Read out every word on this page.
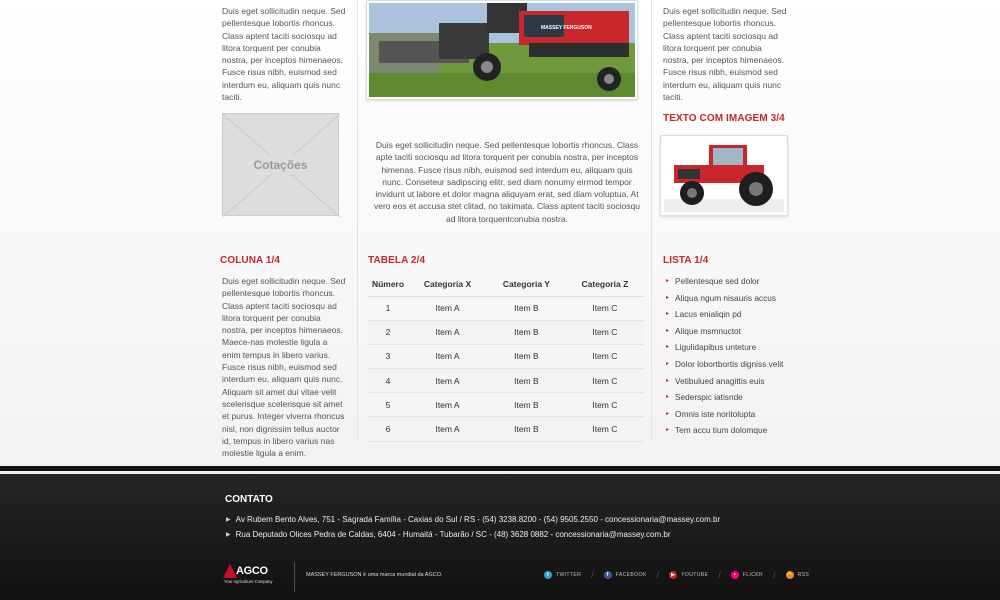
Duis eget sollicitudin neque. Sed pellentesque lobortis rhoncus. Class aptent taciti sociosqu ad litora torquent per conubia nostra, per inceptos himenaeos. Fusce risus nibh, euismod sed interdum eu, aliquam quis nunc taciti.

MASSEY FERGUSON

Duis eget sollicitudin neque. Sed pellentesque lobortis rhoncus. Class aptent taciti sociosqu ad litora torquent per conubia nostra, per inceptos himenaeos. Fusce risus nibh, euismod sed interdum eu, aliquam quis nunc taciti.

Cotações

Duis eget sollicitudin neque. Sed pellentesque lobortis rhoncus. Class apte taciti sociosqu ad litora torquent per conubia nostra, per inceptos himenas. Fusce risus nibh, euismod sed interdum eu, aliquam quis nunc. Conseteur sadipscing elitr, sed diam nonumy eirmod tempor invidunt ut labore et dolor magna aliquyam erat, sed diam voluptua. At vero eos et accusa stet clitad, no takimata. Class aptent taciti sociosqu ad litora torquentconubia nostra.

TEXTO COM IMAGEM 3/4
COLUNA 1/4

Duis eget sollicitudin neque. Sed pellentesque lobortis rhoncus. Class aptent taciti sociosqu ad litora torquent per conubia nostra, per inceptos himenaeos. Maece-nas molestie ligula a enim tempus in libero varius. Fusce risus nibh, euismod sed interdum eu, aliquam quis nunc. Aliquam sit amet dui vitae velit scelerisque scelerisque sit amet et purus. Integer viverra rhoncus nisl, non dignissim tellus auctor id, tempus in libero varius nas molestie ligula a enim.

TABELA 2/4
Número	Categoria X	Categoria Y	Categoria Z
1	Item A	Item B	Item C
2	Item A	Item B	Item C
3	Item A	Item B	Item C
4	Item A	Item B	Item C
5	Item A	Item B	Item C
6	Item A	Item B	Item C
LISTA 1/4
▸ Pellentesque sed dolor
▸ Aliqua ngum nisauris accus
▸ Lacus enialiqin pd
▸ Alique msmnuctot
▸ Ligulidapibus unteture
▸ Dolor lobortbortis digniss velit
▸ Vetibulued anagittis euis
▸ Sederspic iatisnde
▸ Omnis iste noritolupta
▸ Tem accu tium dolomque
CONTATO
▶ Av Rubem Bento Alves, 751 - Sagrada Família - Caxias do Sul / RS - (54) 3238.8200 - (54) 9505.2550 - concessionaria@massey.com.br
▶ Rua Deputado Olices Pedra de Caldas, 6404 - Humaitá - Tubarão / SC - (48) 3628 0882 - concessionaria@massey.com.br
AGCO
Your Agriculture Company
MASSEY FERGUSON é uma marca mundial da AGCO.	t	TWITTER /	f	FACEBOOK /	▶	YOUTUBE /	•	FLICKR /	◠	RSS
